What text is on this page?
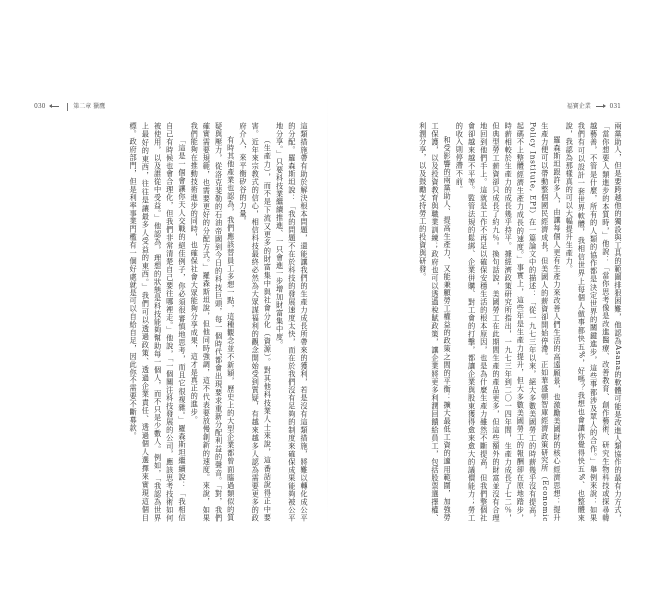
030	第二章 獵鷹	福寶企業	031

兩黨助人，但是要跨越他的獨設與工具的範圍排狠困難，他認為Asana的軟體可能是改進人類協作的最有力方式，「當你想要人類進步的本質時，」他說：「當你思考像是改進醫療、改善教育、創作藝術、研究生物科技或探尋韓越藝善，不管是什麼，所有的人類的協作都是決定世界的關鍵進步，這些事都涉及眾人的合作。」舉例來說：如果我們有可以設計一套世界軟體，我相信世界上每個人做事都快五%，好嗎？我想也會讓你覺得快五%、也整體來說，我認為那樣真的可以大幅提升生產力。

羅森斯坦跟許多人，由讓每個人更有生產力來改善人們生活的高遠願景，也激勵美國財的核心經濟思想：提升生產力便可以帶動整個國民經濟成長，但美國人的薪資卻開始停滯。正如華盛頓智庫經濟政策研究所（Economic Policy Institute, EPI）在一篇論文中的描述：「從一九七三年以來，絕大多數美國勞工的時薪幾乎沒有提高，起碼不上整體經濟生產力成長的速度。」事實上，這些年是生產力提升，但大多數美國勞工的報酬卻在原地踏步，時薪相較於生產力的成長幾乎持平。據經濟政策研究所指出，一九七三年到二〇一四年間，生產力成長了七二％，但典型勞工薪資卻只成長了約九％。換句話說，美國勞工在此期間生產的產品更多，但這些額外的財富並沒有合理地回到他們手上。這就是工作不再足以確保安穩生活的根本原因，也是為什麼生產力雖然不斷提高，但我們整個社會卻越來越不平等。監管法規的鬆綁、企業併購、對工會的打擊，都讓企業與股東獲得愈來愈大的議價能力；勞工的收入則停滯不前。

和受影響的兩黨助人、提高生產力、又能兼顧勞工權益的政策之間的平衡：擴大最低工資的適用範圍，加強勞工保護，以及投資教育與職業訓練；政府也可以透過稅賦政策，讓企業將更多利潤回饋給員工，包括股票選擇權、利潤分享，以及鼓勵支持勞工的投資與研發。

這類措施帶有助於解決根本問題，還能讓我們的生產力成長所帶來的獲利，若是沒有這類措施，將難以轉化成公平的分配。羅森斯坦說：「我的問題不在於科技的發展速度太快，而在於我們沒有足夠的制度來確保成果能夠被公平地分享。」只要科技業繼續推進、一只會進一步增加財富集中度。

（生產力），而不是下流又更多的財富集中與社會分化（資源）。對其他科技業人士來說，這番話說得正中要害。近年來宗教式的信心，相信科技最終必然為大眾謀福利的觀念開始受到質疑，有越來越多人認為需要更多的政府介入，來平衡矽谷的力量。

有時其他產業也認為，我們應該替員工多想一點，這種觀念並不新穎，歷史上的大型企業都曾面臨過類似的質疑與壓力，從洛克斐勒的石油帝國到今日的科技巨頭，每一個時代都會出現要求重新分配利益的聲音。「對，我們確實需要規範，也需要更好的分配方式。」羅森斯坦說，但他同時強調，這不代表要放慢創新的速度。來說，如果我們能夠在推動技術進步的同時，也確保社會大眾能夠分享成果，這才是真正的進步。

「這是一個會讓你天人交戰的絕佳例子，你必須很審慎地思考，而且它很複雜。」羅森斯坦繼續說：「我相信自己有時候也會合理化，但我們非常清楚自己要往哪裡走。」他說，「一個關注科技發展的公司，應該思考技術如何被使用，以及誰從中受益。」他認為，理想的狀態是科技能夠幫助每一個人，而不只是少數人。例如，「我認為世界上最好的東西，往往是讓最多人受益的東西。」我們可以透過政策、透過企業責任、透過個人選擇來實現這個目標。政府部門，但是利率事業門檻有一個好處就是可以自給自足，因此你不需要不斷募款。
